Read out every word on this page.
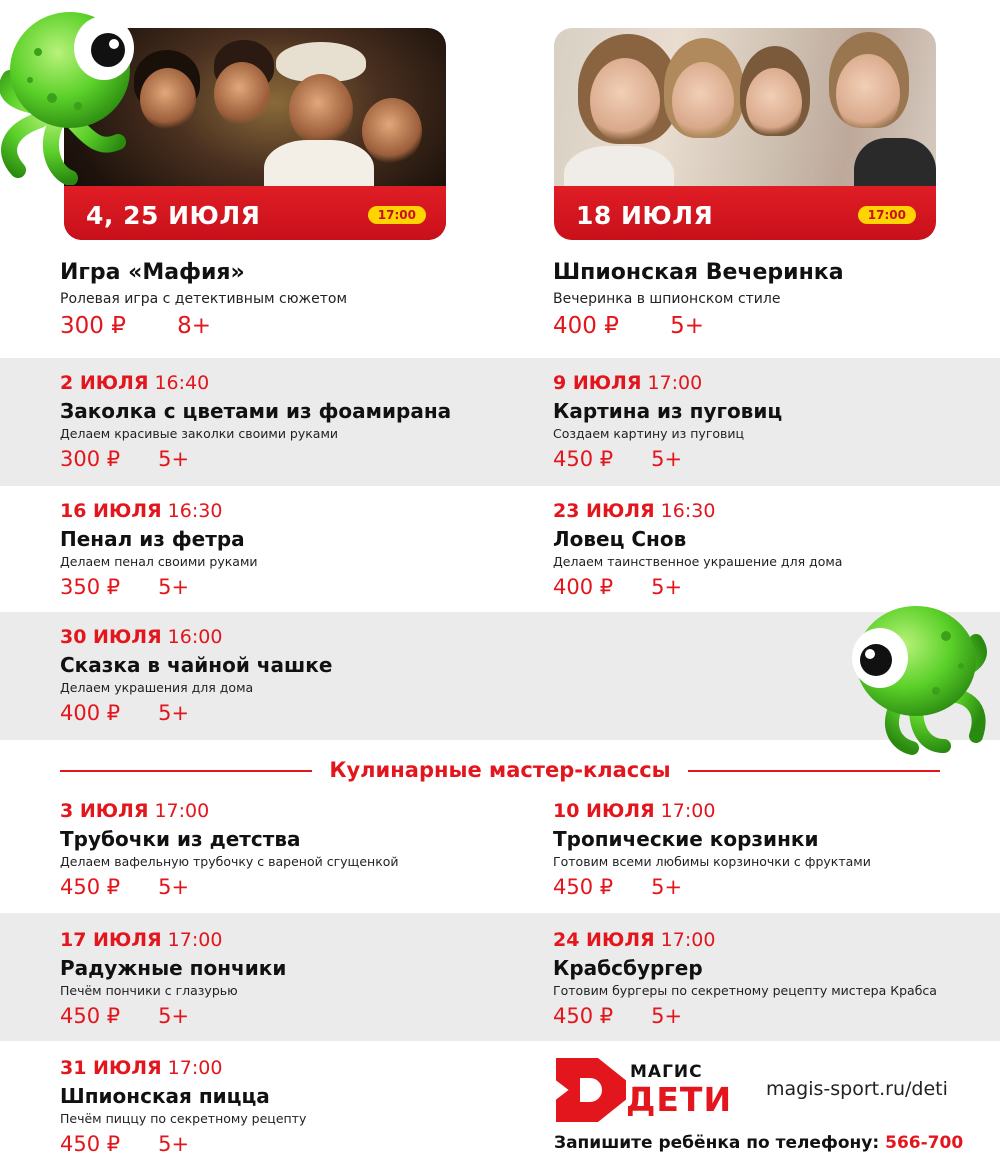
4, 25 ИЮЛЯ	17:00	18 ИЮЛЯ	17:00
Игра «Мафия»
Ролевая игра с детективным сюжетом
300 ₽ 8+
Шпионская Вечеринка
Вечеринка в шпионском стиле
400 ₽ 5+
2 ИЮЛЯ 16:40
Заколка с цветами из фоамирана
Делаем красивые заколки своими руками
300 ₽ 5+
9 ИЮЛЯ 17:00
Картина из пуговиц
Создаем картину из пуговиц
450 ₽ 5+
16 ИЮЛЯ 16:30
Пенал из фетра
Делаем пенал своими руками
350 ₽ 5+
23 ИЮЛЯ 16:30
Ловец Снов
Делаем таинственное украшение для дома
400 ₽ 5+
30 ИЮЛЯ 16:00
Сказка в чайной чашке
Делаем украшения для дома
400 ₽ 5+
Кулинарные мастер-классы
3 ИЮЛЯ 17:00
Трубочки из детства
Делаем вафельную трубочку с вареной сгущенкой
450 ₽ 5+
10 ИЮЛЯ 17:00
Тропические корзинки
Готовим всеми любимы корзиночки с фруктами
450 ₽ 5+
17 ИЮЛЯ 17:00
Радужные пончики
Печём пончики с глазурью
450 ₽ 5+
24 ИЮЛЯ 17:00
Крабсбургер
Готовим бургеры по секретному рецепту мистера Крабса
450 ₽ 5+
31 ИЮЛЯ 17:00
Шпионская пицца
Печём пиццу по секретному рецепту
450 ₽ 5+
МАГИС
ДЕТИ magis-sport.ru/deti
Запишите ребёнка по телефону: 566-700
